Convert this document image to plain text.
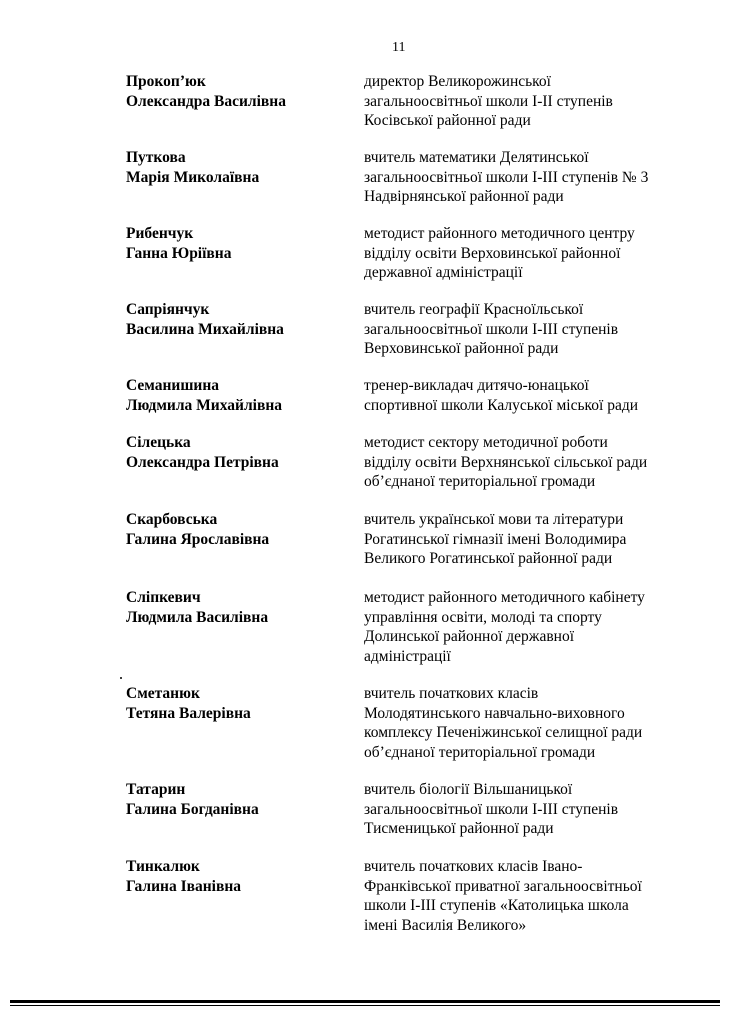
11
Прокоп’юк
Олександра Василівна
директор Великорожинської
загальноосвітньої школи І-ІІ ступенів
Косівської районної ради
Путкова
Марія Миколаївна
вчитель математики Делятинської
загальноосвітньої школи І-ІІІ ступенів № 3
Надвірнянської районної ради
Рибенчук
Ганна Юріївна
методист районного методичного центру
відділу освіти Верховинської районної
державної адміністрації
Сапріянчук
Василина Михайлівна
вчитель географії Красноїльської
загальноосвітньої школи І-ІІІ ступенів
Верховинської районної ради
Семанишина
Людмила Михайлівна
тренер-викладач дитячо-юнацької
спортивної школи Калуської міської ради
Сілецька
Олександра Петрівна
методист сектору методичної роботи
відділу освіти Верхнянської сільської ради
об’єднаної територіальної громади
Скарбовська
Галина Ярославівна
вчитель української мови та літератури
Рогатинської гімназії імені Володимира
Великого Рогатинської районної ради
Сліпкевич
Людмила Василівна
методист районного методичного кабінету
управління освіти, молоді та спорту
Долинської районної державної
адміністрації
Сметанюк
Тетяна Валерівна
вчитель початкових класів
Молодятинського навчально-виховного
комплексу Печеніжинської селищної ради
об’єднаної територіальної громади
Татарин
Галина Богданівна
вчитель біології Вільшаницької
загальноосвітньої школи І-ІІІ ступенів
Тисменицької районної ради
Тинкалюк
Галина Іванівна
вчитель початкових класів Івано-
Франківської приватної загальноосвітньої
школи І-ІІІ ступенів «Католицька школа
імені Василія Великого»
